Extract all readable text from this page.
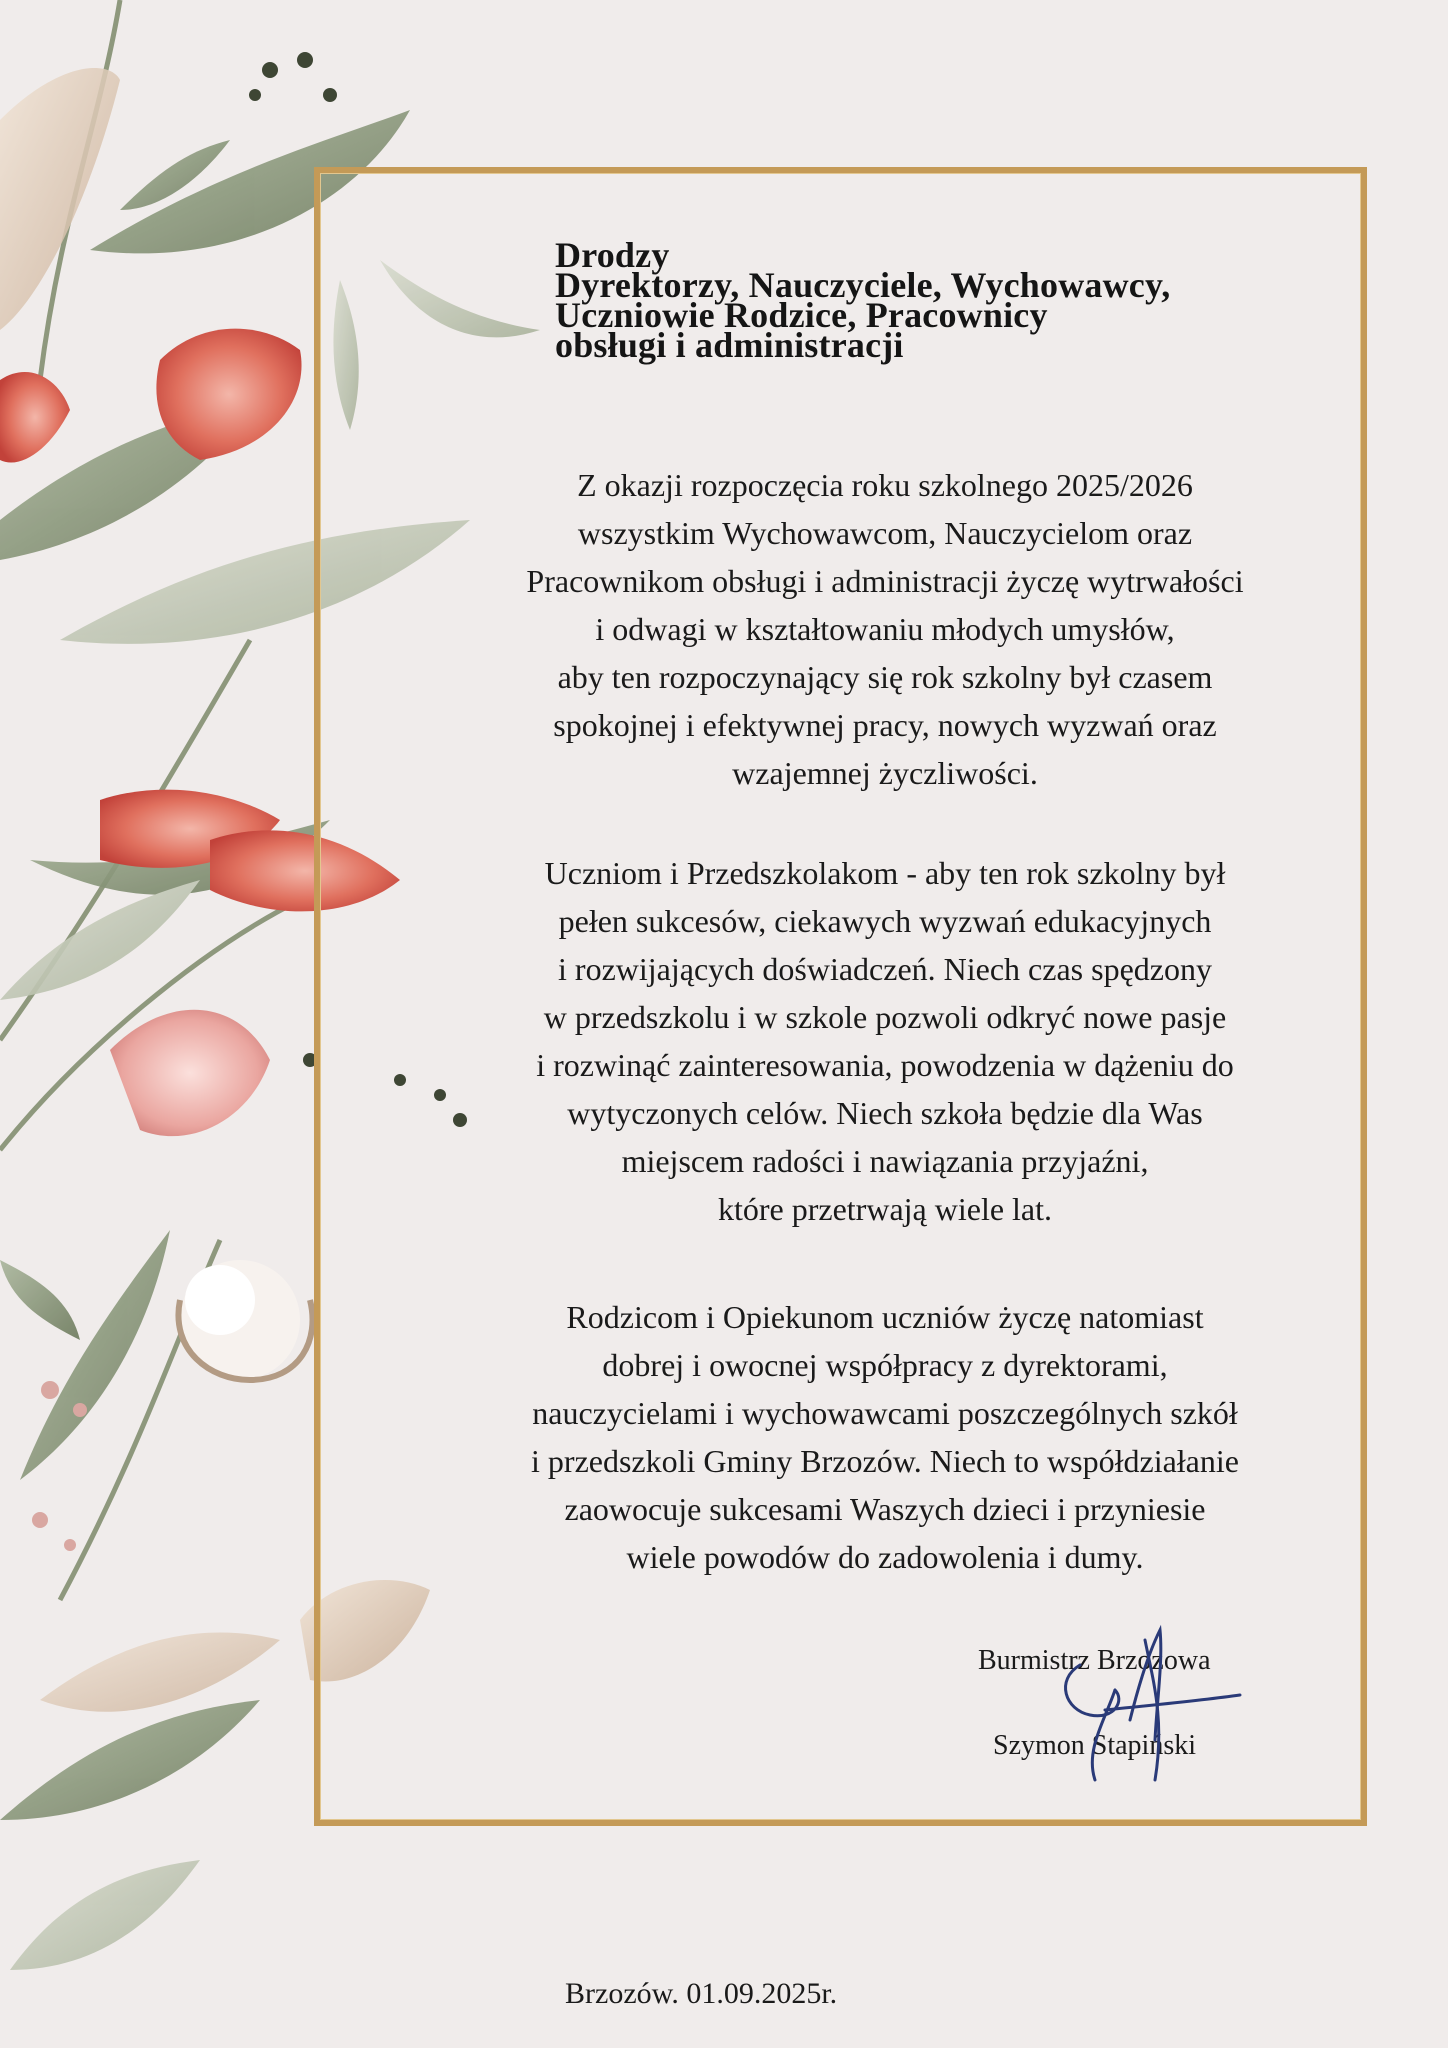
Drodzy
Dyrektorzy, Nauczyciele, Wychowawcy,
Uczniowie Rodzice, Pracownicy
obsługi i administracji
Z okazji rozpoczęcia roku szkolnego 2025/2026
wszystkim Wychowawcom, Nauczycielom oraz
Pracownikom obsługi i administracji życzę wytrwałości
i odwagi w kształtowaniu młodych umysłów,
aby ten rozpoczynający się rok szkolny był czasem
spokojnej i efektywnej pracy, nowych wyzwań oraz
wzajemnej życzliwości.
Uczniom i Przedszkolakom - aby ten rok szkolny był
pełen sukcesów, ciekawych wyzwań edukacyjnych
i rozwijających doświadczeń. Niech czas spędzony
w przedszkolu i w szkole pozwoli odkryć nowe pasje
i rozwinąć zainteresowania, powodzenia w dążeniu do
wytyczonych celów. Niech szkoła będzie dla Was
miejscem radości i nawiązania przyjaźni,
które przetrwają wiele lat.
Rodzicom i Opiekunom uczniów życzę natomiast
dobrej i owocnej współpracy z dyrektorami,
nauczycielami i wychowawcami poszczególnych szkół
i przedszkoli Gminy Brzozów. Niech to współdziałanie
zaowocuje sukcesami Waszych dzieci i przyniesie
wiele powodów do zadowolenia i dumy.
Burmistrz Brzozowa
Szymon Stapiński
Brzozów. 01.09.2025r.
